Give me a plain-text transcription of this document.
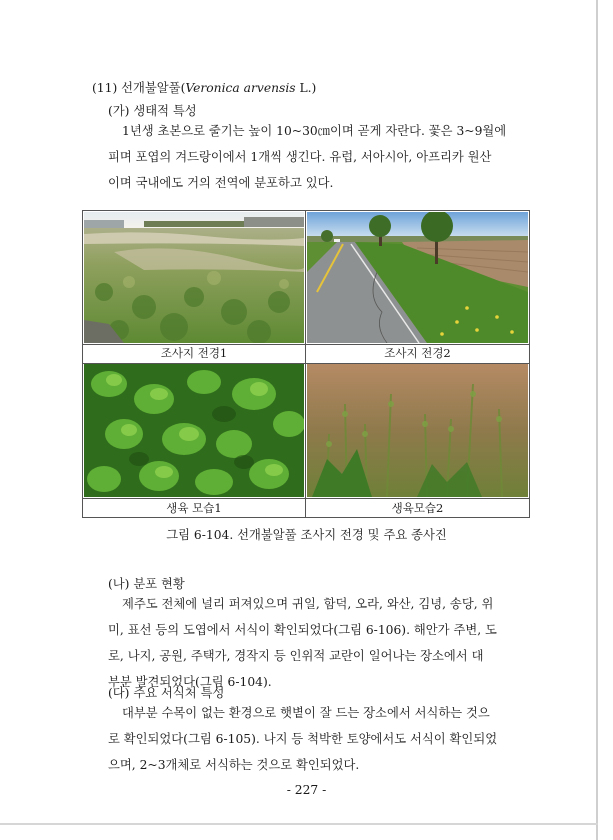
(11) 선개불알풀(Veronica arvensis L.)
(가) 생태적 특성
1년생 초본으로 줄기는 높이 10~30㎝이며 곧게 자란다. 꽃은 3~9월에
피며 포엽의 겨드랑이에서 1개씩 생긴다. 유럽, 서아시아, 아프리카 원산
이며 국내에도 거의 전역에 분포하고 있다.
조사지 전경1	조사지 전경2
생육 모습1	생육모습2
그림 6-104. 선개불알풀 조사지 전경 및 주요 종사진
(나) 분포 현황
제주도 전체에 널리 퍼져있으며 귀일, 함덕, 오라, 와산, 김녕, 송당, 위
미, 표선 등의 도엽에서 서식이 확인되었다(그림 6-106). 해안가 주변, 도
로, 나지, 공원, 주택가, 경작지 등 인위적 교란이 일어나는 장소에서 대
부분 발견되었다(그림 6-104).
(다) 주요 서식처 특성
대부분 수목이 없는 환경으로 햇볕이 잘 드는 장소에서 서식하는 것으
로 확인되었다(그림 6-105). 나지 등 척박한 토양에서도 서식이 확인되었
으며, 2~3개체로 서식하는 것으로 확인되었다.
- 227 -
